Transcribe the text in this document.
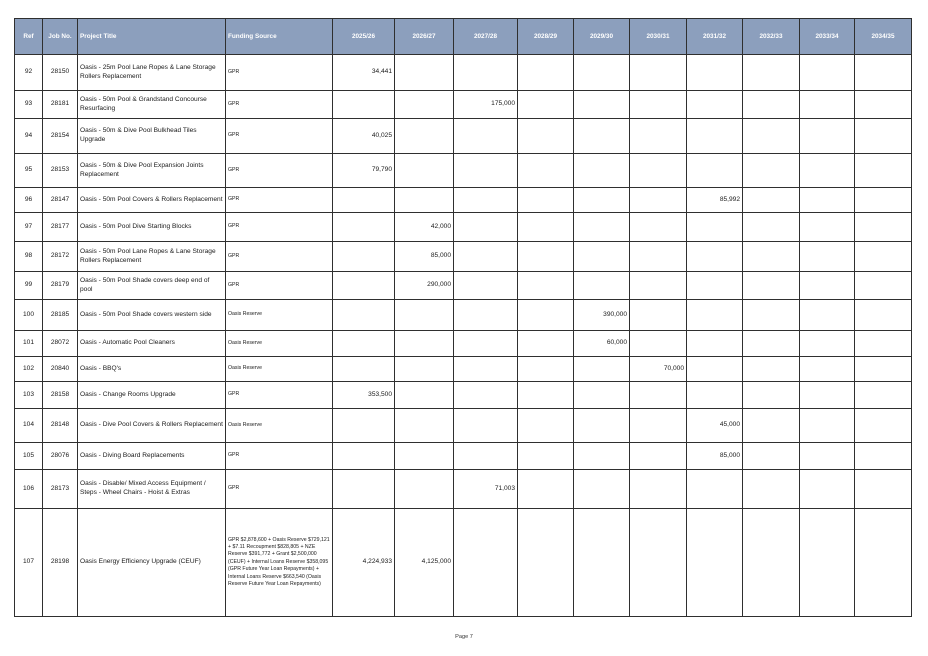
Ref	Job No.	Project Title	Funding Source	2025/26	2026/27	2027/28	2028/29	2029/30	2030/31	2031/32	2032/33	2033/34	2034/35
92	28150	Oasis - 25m Pool Lane Ropes & Lane Storage Rollers Replacement	GPR	34,441									
93	28181	Oasis - 50m Pool & Grandstand Concourse Resurfacing	GPR			175,000							
94	28154	Oasis - 50m & Dive Pool Bulkhead Tiles Upgrade	GPR	40,025									
95	28153	Oasis - 50m & Dive Pool Expansion Joints Replacement	GPR	79,790									
96	28147	Oasis - 50m Pool Covers & Rollers Replacement	GPR							85,992			
97	28177	Oasis - 50m Pool Dive Starting Blocks	GPR		42,000								
98	28172	Oasis - 50m Pool Lane Ropes & Lane Storage Rollers Replacement	GPR		85,000								
99	28179	Oasis - 50m Pool Shade covers deep end of pool	GPR		290,000								
100	28185	Oasis - 50m Pool Shade covers western side	Oasis Reserve					390,000					
101	28072	Oasis - Automatic Pool Cleaners	Oasis Reserve					60,000					
102	20840	Oasis - BBQ's	Oasis Reserve						70,000				
103	28158	Oasis - Change Rooms Upgrade	GPR	353,500									
104	28148	Oasis - Dive Pool Covers & Rollers Replacement	Oasis Reserve							45,000			
105	28076	Oasis - Diving Board Replacements	GPR							85,000			
106	28173	Oasis - Disable/ Mixed Access Equipment / Steps - Wheel Chairs - Hoist & Extras	GPR			71,003							
107	28198	Oasis Energy Efficiency Upgrade (CEUF)	GPR $2,878,600 + Oasis Reserve $729,121 + $7.11 Recoupment $828,805 + NZE Reserve $391,772 + Grant $2,500,000 (CEUF) + Internal Loans Reserve $358,095 (GPR Future Year Loan Repayments) + Internal Loans Reserve $663,540 (Oasis Reserve Future Year Loan Repayments)	4,224,933	4,125,000								
Page 7
